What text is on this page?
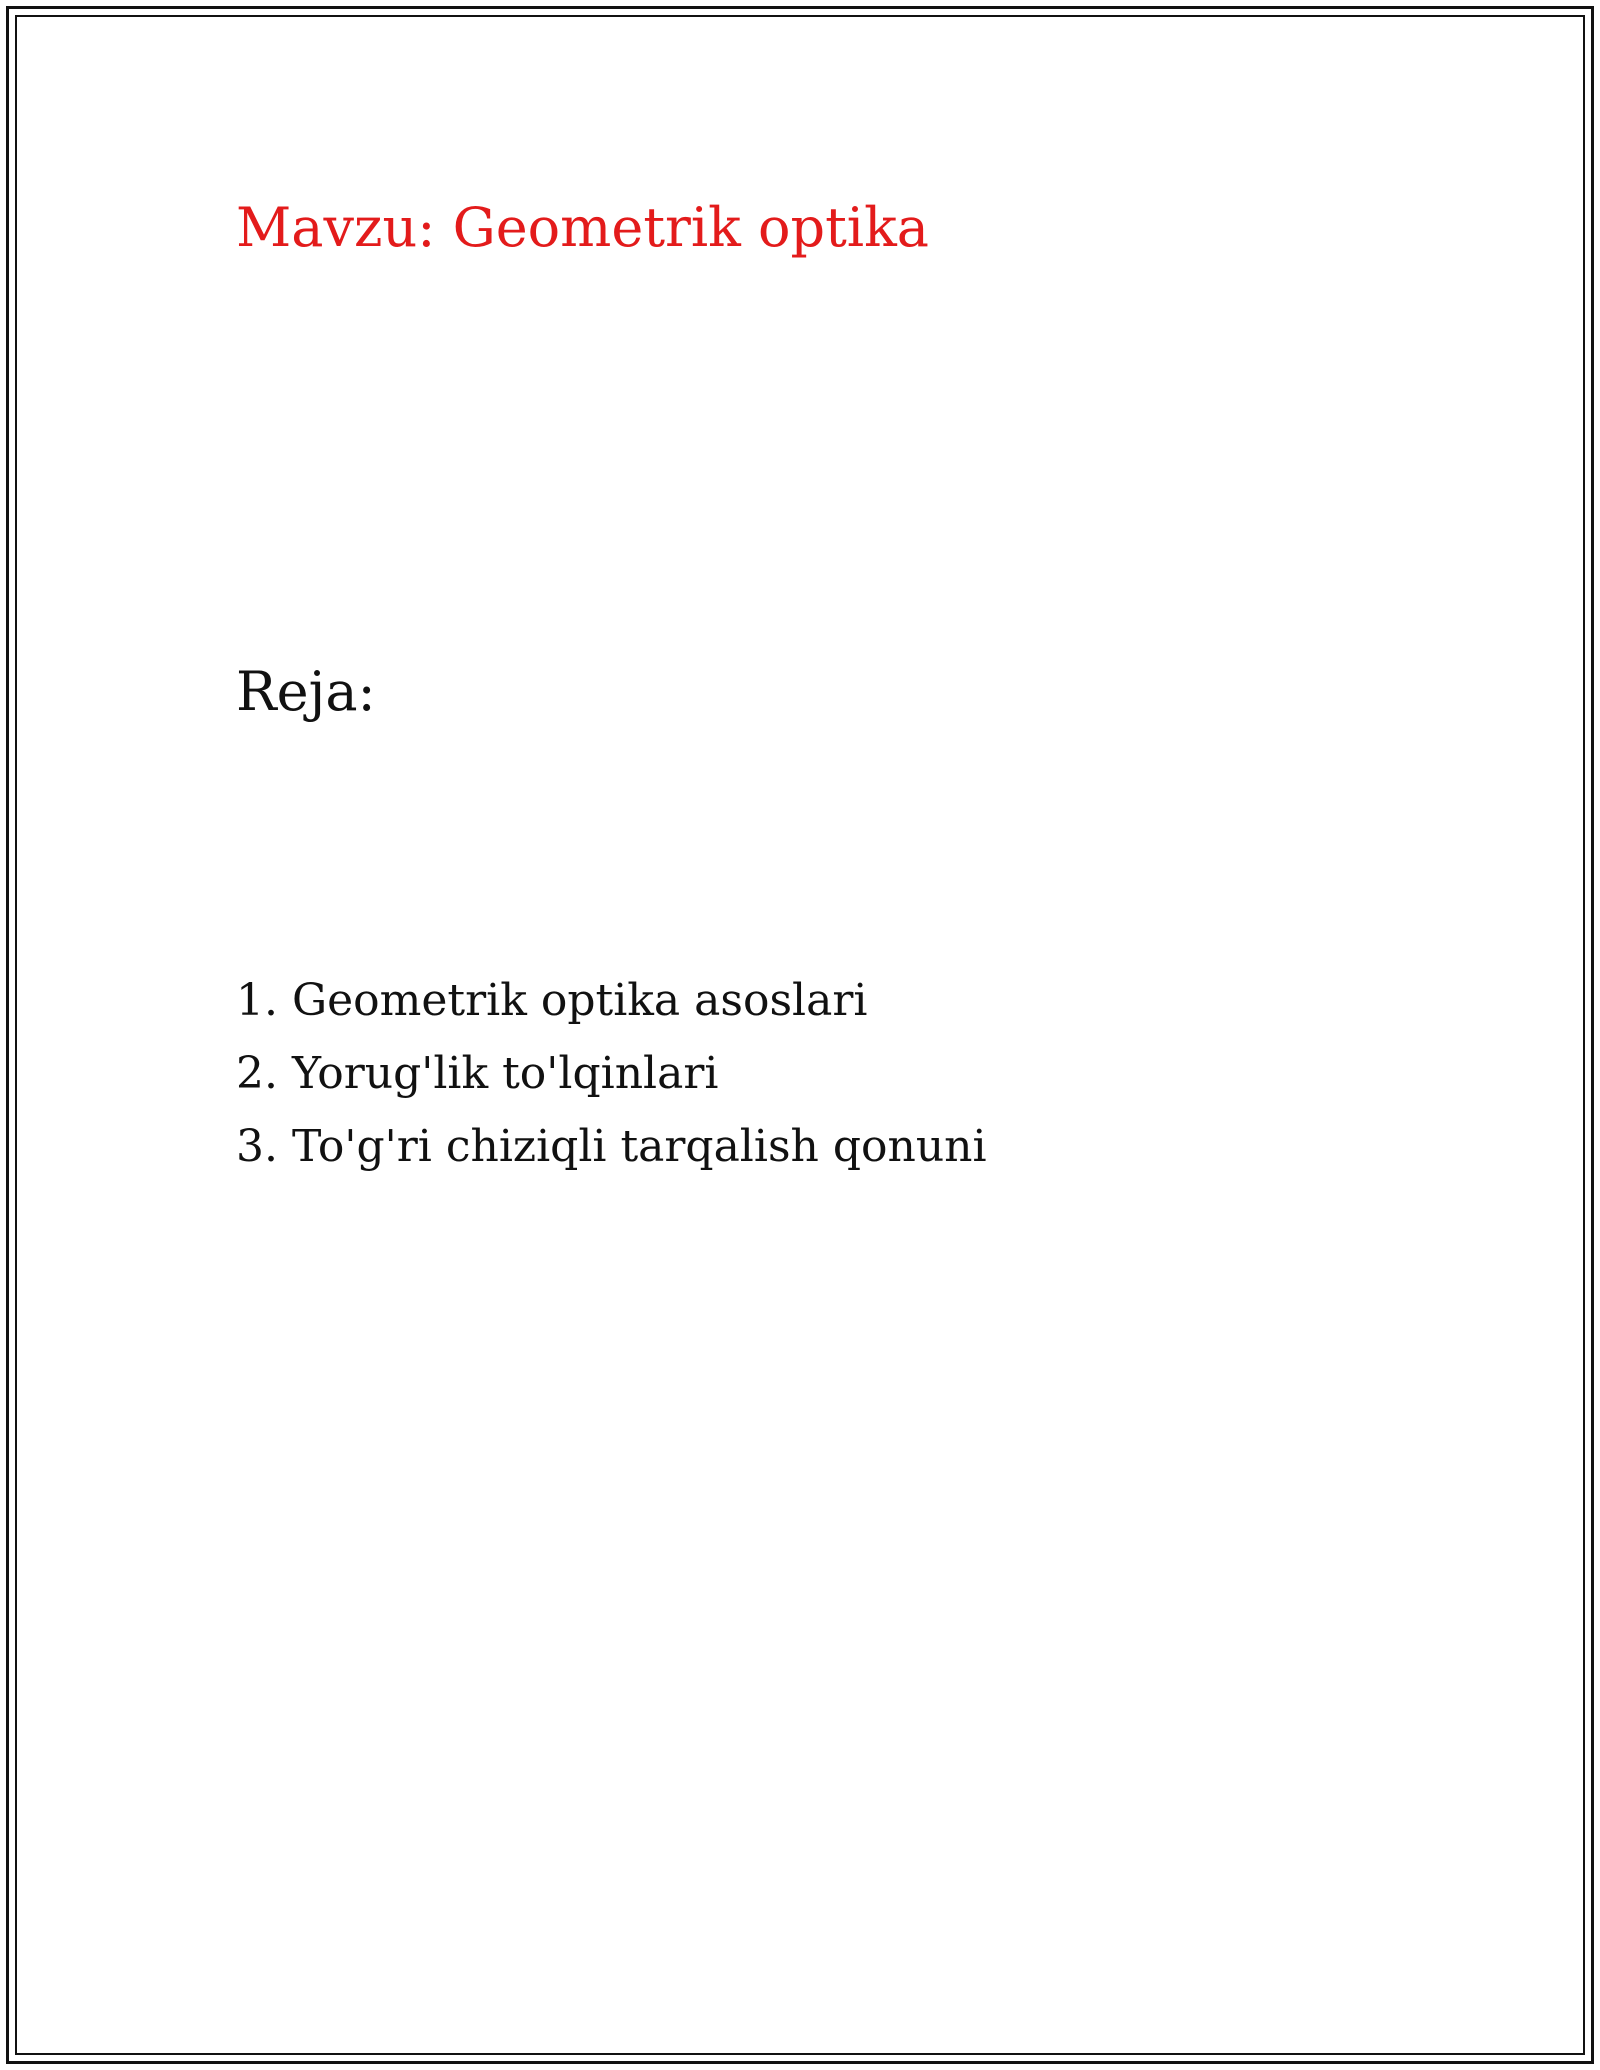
Mavzu: Geometrik optika
Reja:
1. Geometrik optika asoslari
2. Yorug'lik to'lqinlari
3. To'g'ri chiziqli tarqalish qonuni
